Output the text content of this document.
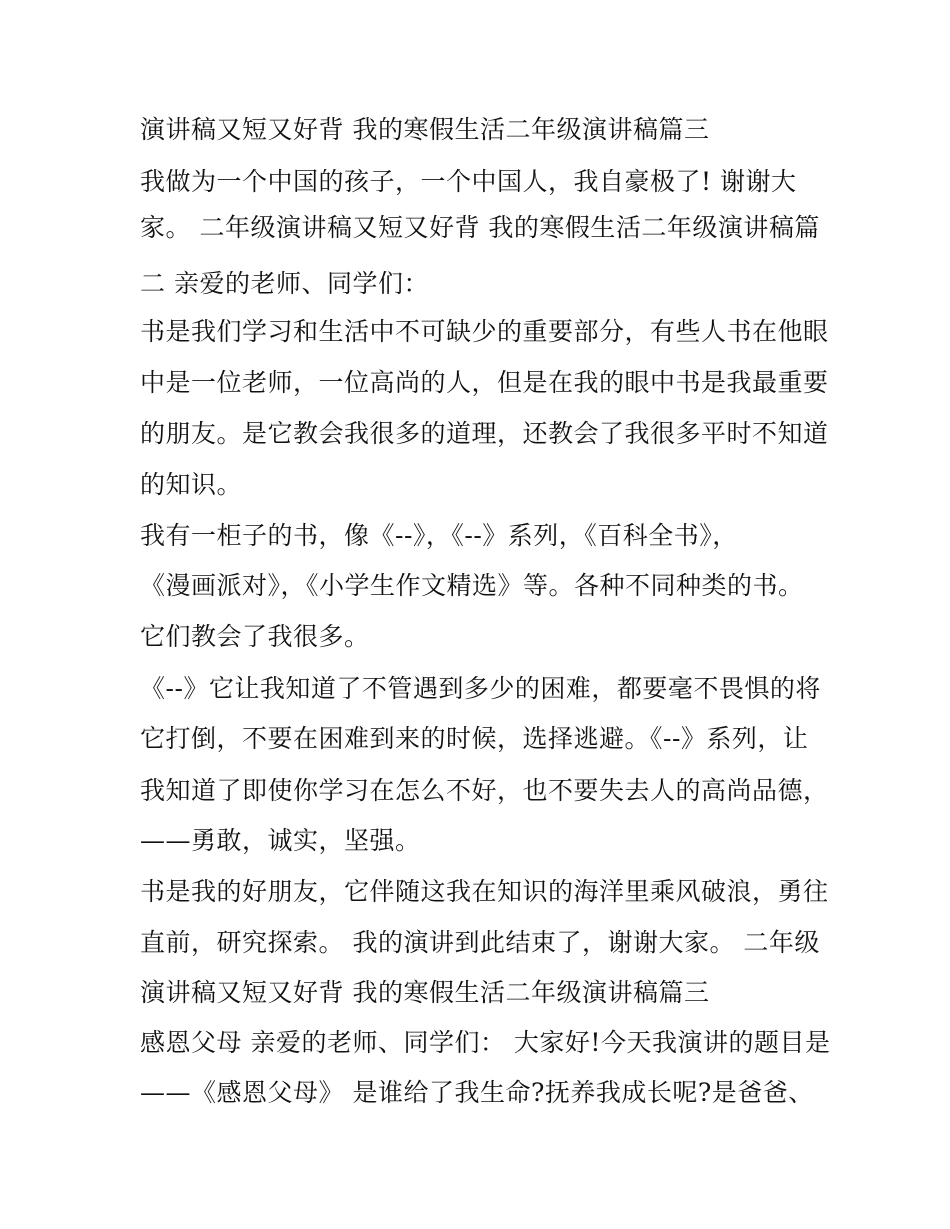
演讲稿又短又好背 我的寒假生活二年级演讲稿篇三
我做为一个中国的孩子，一个中国人，我自豪极了! 谢谢大
家。 二年级演讲稿又短又好背 我的寒假生活二年级演讲稿篇
二 亲爱的老师、同学们：
书是我们学习和生活中不可缺少的重要部分，有些人书在他眼
中是一位老师，一位高尚的人，但是在我的眼中书是我最重要
的朋友。是它教会我很多的道理，还教会了我很多平时不知道
的知识。
我有一柜子的书，像《--》，《--》系列，《百科全书》，
《漫画派对》，《小学生作文精选》等。各种不同种类的书。
它们教会了我很多。
《--》它让我知道了不管遇到多少的困难，都要毫不畏惧的将
它打倒，不要在困难到来的时候，选择逃避。《--》系列，让
我知道了即使你学习在怎么不好，也不要失去人的高尚品德，
——勇敢，诚实，坚强。
书是我的好朋友，它伴随这我在知识的海洋里乘风破浪，勇往
直前，研究探索。 我的演讲到此结束了，谢谢大家。 二年级
演讲稿又短又好背 我的寒假生活二年级演讲稿篇三
感恩父母 亲爱的老师、同学们： 大家好!今天我演讲的题目是
——《感恩父母》 是谁给了我生命?抚养我成长呢?是爸爸、
